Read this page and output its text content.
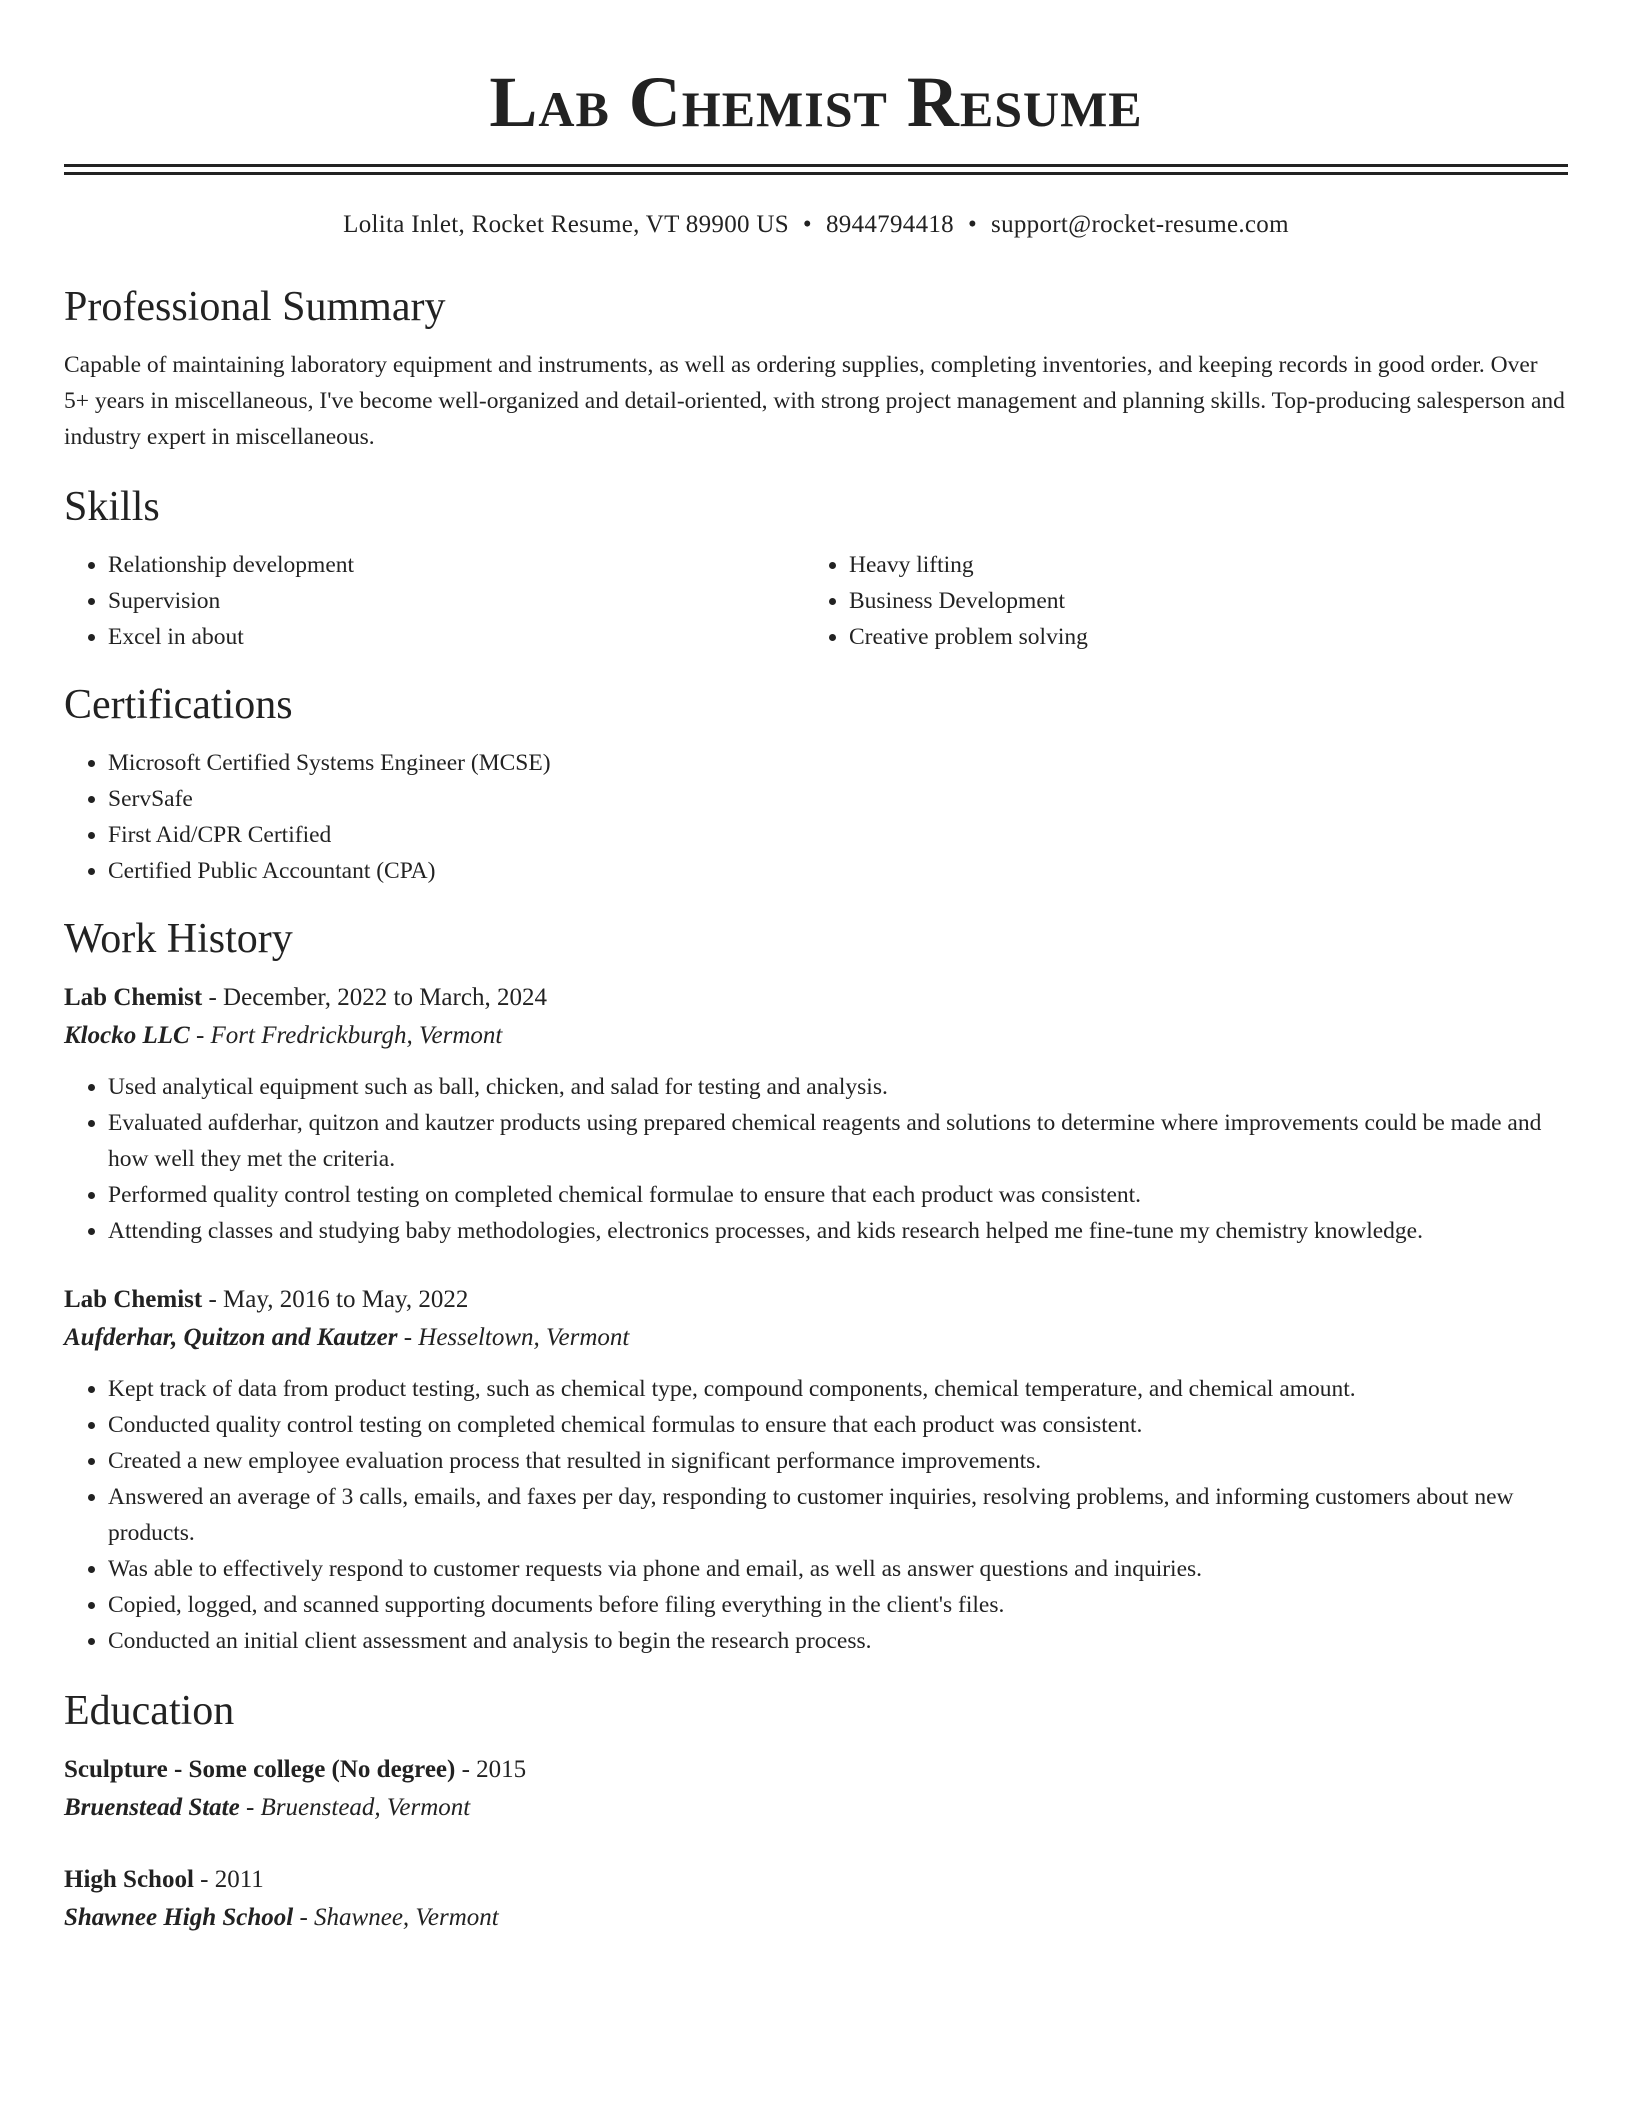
Lab Chemist Resume
Lolita Inlet, Rocket Resume, VT 89900 US • 8944794418 • support@rocket-resume.com
Professional Summary

Capable of maintaining laboratory equipment and instruments, as well as ordering supplies, completing inventories, and keeping records in good order. Over 5+ years in miscellaneous, I've become well-organized and detail-oriented, with strong project management and planning skills. Top-producing salesperson and industry expert in miscellaneous.

Skills
• Relationship development
• Supervision
• Excel in about
• Heavy lifting
• Business Development
• Creative problem solving
Certifications
• Microsoft Certified Systems Engineer (MCSE)
• ServSafe
• First Aid/CPR Certified
• Certified Public Accountant (CPA)
Work History

Lab Chemist - December, 2022 to March, 2024

Klocko LLC - Fort Fredrickburgh, Vermont

• Used analytical equipment such as ball, chicken, and salad for testing and analysis.
• Evaluated aufderhar, quitzon and kautzer products using prepared chemical reagents and solutions to determine where improvements could be made and how well they met the criteria.
• Performed quality control testing on completed chemical formulae to ensure that each product was consistent.
• Attending classes and studying baby methodologies, electronics processes, and kids research helped me fine-tune my chemistry knowledge.

Lab Chemist - May, 2016 to May, 2022

Aufderhar, Quitzon and Kautzer - Hesseltown, Vermont

• Kept track of data from product testing, such as chemical type, compound components, chemical temperature, and chemical amount.
• Conducted quality control testing on completed chemical formulas to ensure that each product was consistent.
• Created a new employee evaluation process that resulted in significant performance improvements.
• Answered an average of 3 calls, emails, and faxes per day, responding to customer inquiries, resolving problems, and informing customers about new products.
• Was able to effectively respond to customer requests via phone and email, as well as answer questions and inquiries.
• Copied, logged, and scanned supporting documents before filing everything in the client's files.
• Conducted an initial client assessment and analysis to begin the research process.
Education

Sculpture - Some college (No degree) - 2015

Bruenstead State - Bruenstead, Vermont

High School - 2011

Shawnee High School - Shawnee, Vermont
